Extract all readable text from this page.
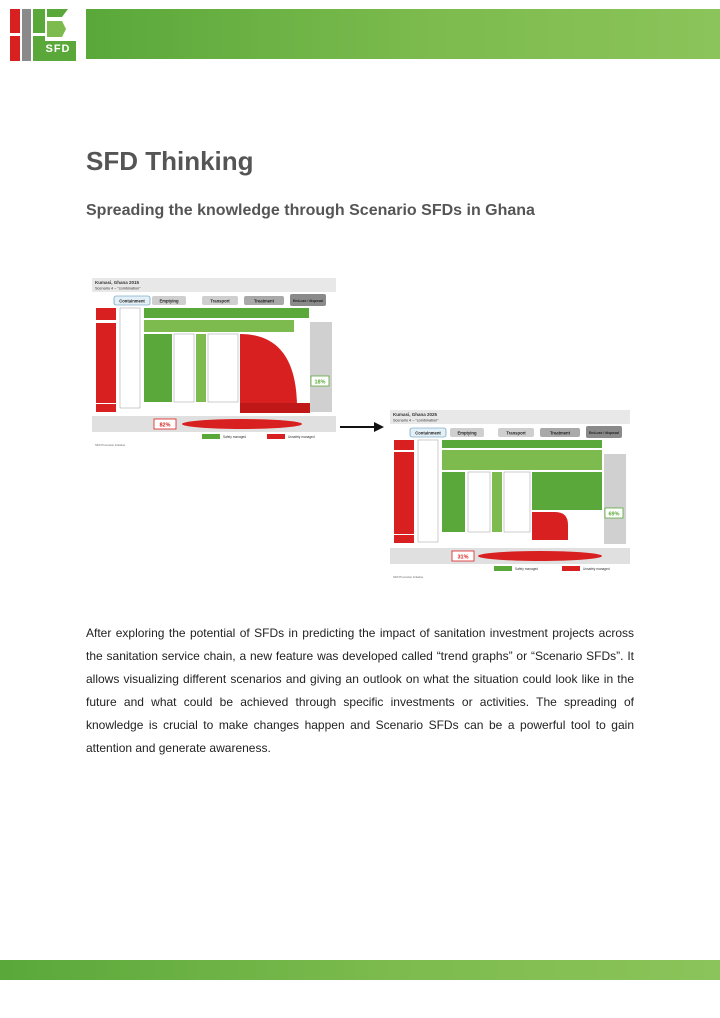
SFD
SFD Thinking
Spreading the knowledge through Scenario SFDs in Ghana
Kumasi, Ghana 2015
Scenario 4 – "combination"
Containment	Emptying	Transport	Treatment	End-use / disposal
18%
82%
Safely managed	Unsafely managed
SFD Promotion Initiative
Kumasi, Ghana 2025
Scenario 4 – "combination"
Containment	Emptying	Transport	Treatment	End-use / disposal
69%
31%
Safely managed	Unsafely managed
SFD Promotion Initiative

After exploring the potential of SFDs in predicting the impact of sanitation investment projects across the sanitation service chain, a new feature was developed called “trend graphs” or “Scenario SFDs”. It allows visualizing different scenarios and giving an outlook on what the situation could look like in the future and what could be achieved through specific investments or activities. The spreading of knowledge is crucial to make changes happen and Scenario SFDs can be a powerful tool to gain attention and generate awareness.
